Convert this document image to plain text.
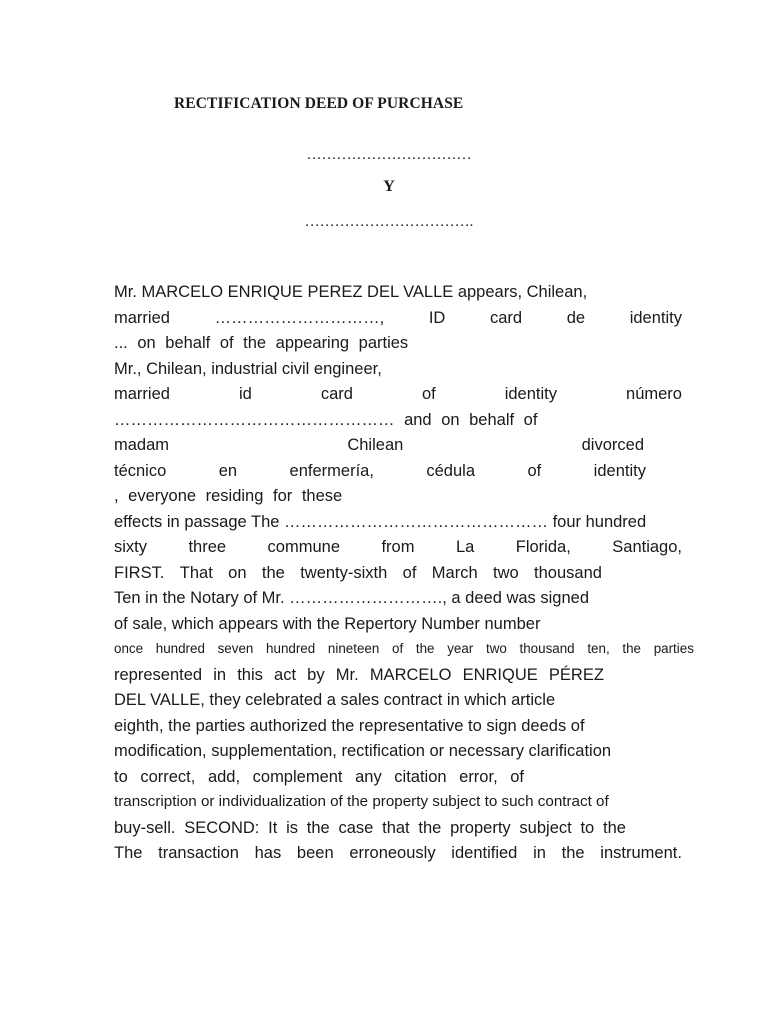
RECTIFICATION DEED OF PURCHASE
……………………………
Y
…………………………….
Mr. MARCELO ENRIQUE PEREZ DEL VALLE appears, Chilean,
married	…………………………,	ID	card	de	identity
... on behalf of the appearing parties
Mr., Chilean, industrial civil engineer,
married	id	card	of	identity	número
…………………………………………… and on behalf of
madam	Chilean	divorced
técnico	en	enfermería,	cédula	of	identity
, everyone residing for these
effects in passage The ………………………………………… four hundred
sixty	three	commune	from	La	Florida,	Santiago,
FIRST. That on the twenty-sixth of March two thousand
Ten in the Notary of Mr. ………………………., a deed was signed
of sale, which appears with the Repertory Number number
once hundred seven hundred nineteen of the year two thousand ten, the parties
represented in this act by Mr. MARCELO ENRIQUE PÉREZ
DEL VALLE, they celebrated a sales contract in which article
eighth, the parties authorized the representative to sign deeds of
modification, supplementation, rectification or necessary clarification
to correct, add, complement any citation error, of
transcription or individualization of the property subject to such contract of
buy-sell. SECOND: It is the case that the property subject to the
The transaction has been erroneously identified in the instrument.
